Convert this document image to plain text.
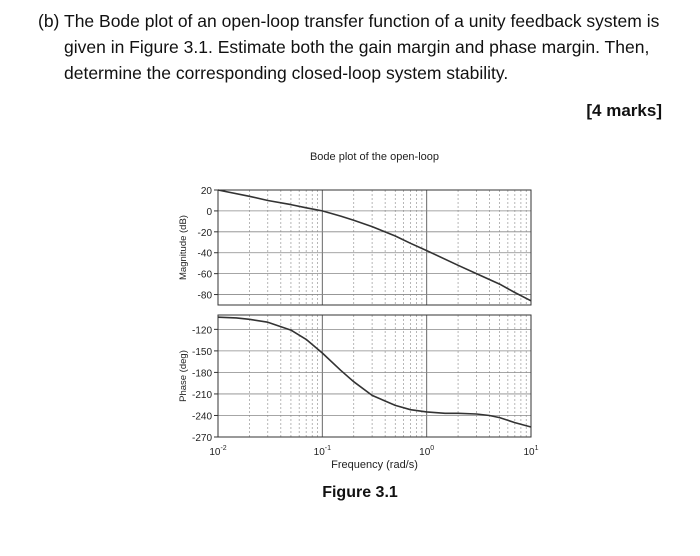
(b) The Bode plot of an open-loop transfer function of a unity feedback system is
given in Figure 3.1. Estimate both the gain margin and phase margin. Then,
determine the corresponding closed-loop system stability.
[4 marks]
Bode plot of the open-loop
20
0
-20
-40
-60
-80
Magnitude (dB)
-120
-150
-180
-210
-240
-270
Phase (deg)
$10^{-2}$	$10^{-1}$	$10^0$	$10^1$
Frequency (rad/s)
Figure 3.1
